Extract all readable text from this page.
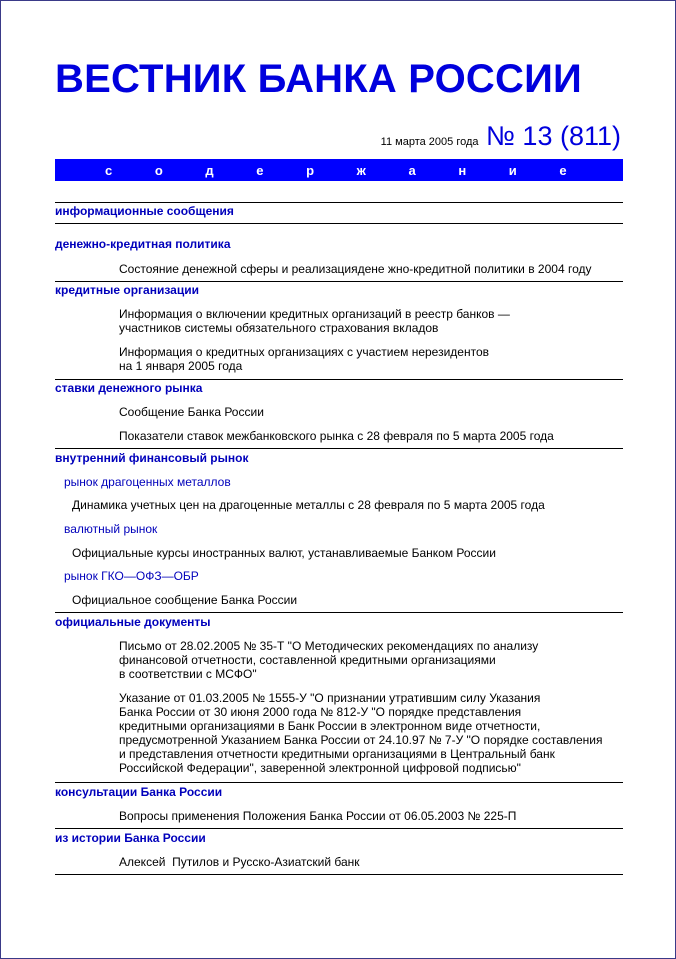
ВЕСТНИК БАНКА РОССИИ
11 марта 2005 года № 13 (811)
с о д е р ж а н и е
информационные сообщения
денежно-кредитная политика
Состояние денежной сферы и реализациядене жно-кредитной политики в 2004 году
кредитные организации
Информация о включении кредитных организаций в реестр банков —
участников системы обязательного страхования вкладов
Информация о кредитных организациях с участием нерезидентов
на 1 января 2005 года
ставки денежного рынка
Сообщение Банка России
Показатели ставок межбанковского рынка с 28 февраля по 5 марта 2005 года
внутренний финансовый рынок
рынок драгоценных металлов
Динамика учетных цен на драгоценные металлы с 28 февраля по 5 марта 2005 года
валютный рынок
Официальные курсы иностранных валют, устанавливаемые Банком России
рынок ГКО—ОФЗ—ОБР
Официальное сообщение Банка России
официальные документы
Письмо от 28.02.2005 № 35-Т "О Методических рекомендациях по анализу
финансовой отчетности, составленной кредитными организациями
в соответствии с МСФО"
Указание от 01.03.2005 № 1555-У "О признании утратившим силу Указания
Банка России от 30 июня 2000 года № 812-У "О порядке представления
кредитными организациями в Банк России в электронном виде отчетности,
предусмотренной Указанием Банка России от 24.10.97 № 7-У "О порядке составления
и представления отчетности кредитными организациями в Центральный банк
Российской Федерации", заверенной электронной цифровой подписью"
консультации Банка России
Вопросы применения Положения Банка России от 06.05.2003 № 225-П
из истории Банка России
Алексей  Путилов и Русско-Азиатский банк
